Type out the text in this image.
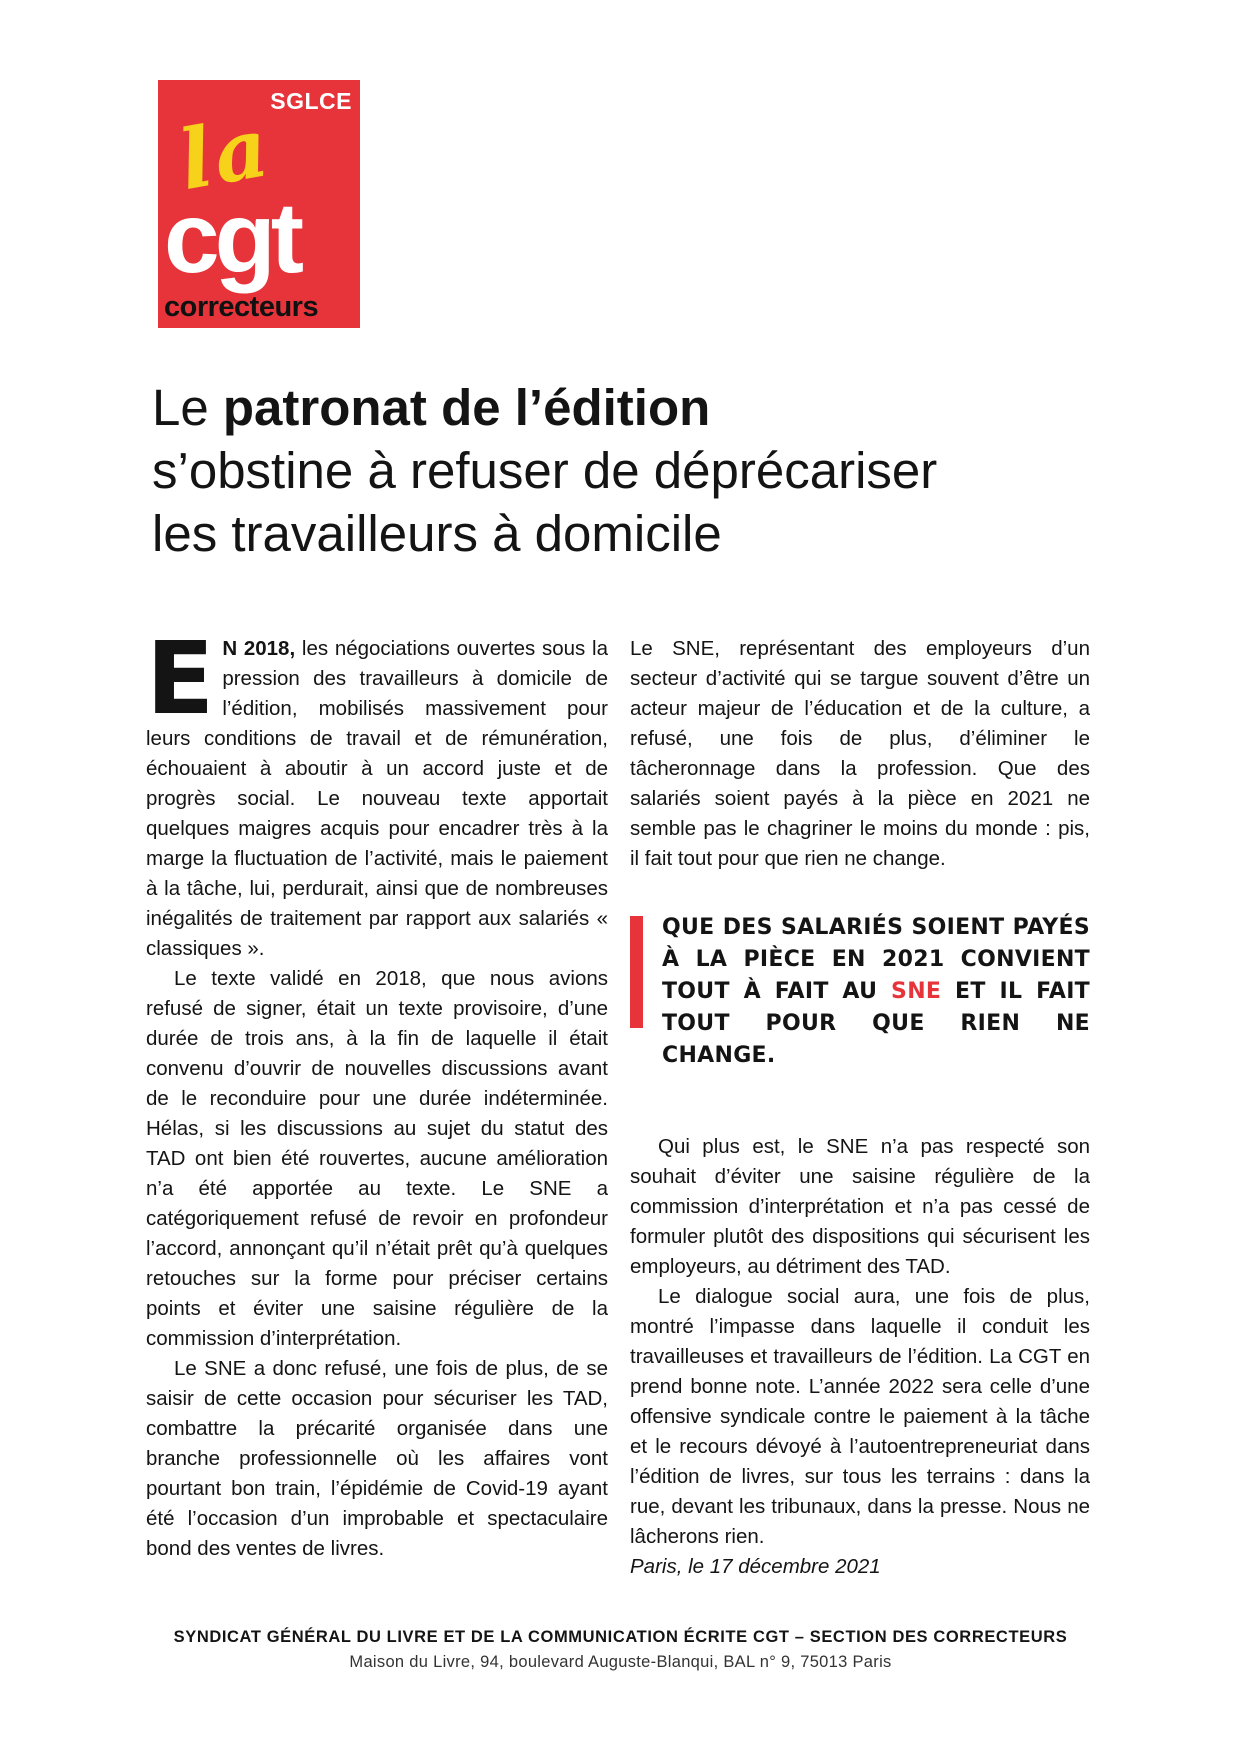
SGLCE
la
cgt
correcteurs
Le patronat de l’édition
s’obstine à refuser de déprécariser
les travailleurs à domicile

E N 2018, les négociations ouvertes sous la pression des travailleurs à domicile de l’édition, mobilisés massivement pour leurs conditions de travail et de rémunération, échouaient à aboutir à un accord juste et de progrès social. Le nouveau texte apportait quelques maigres acquis pour encadrer très à la marge la fluctuation de l’activité, mais le paiement à la tâche, lui, perdurait, ainsi que de nombreuses inégalités de traitement par rapport aux salariés « classiques ».

Le texte validé en 2018, que nous avions refusé de signer, était un texte provisoire, d’une durée de trois ans, à la fin de laquelle il était convenu d’ouvrir de nouvelles discussions avant de le reconduire pour une durée indéterminée. Hélas, si les discussions au sujet du statut des TAD ont bien été rouvertes, aucune amélioration n’a été apportée au texte. Le SNE a catégoriquement refusé de revoir en profondeur l’accord, annonçant qu’il n’était prêt qu’à quelques retouches sur la forme pour préciser certains points et éviter une saisine régulière de la commission d’interprétation.

Le SNE a donc refusé, une fois de plus, de se saisir de cette occasion pour sécuriser les TAD, combattre la précarité organisée dans une branche professionnelle où les affaires vont pourtant bon train, l’épidémie de Covid-19 ayant été l’occasion d’un improbable et spectaculaire bond des ventes de livres.

Le SNE, représentant des employeurs d’un secteur d’activité qui se targue souvent d’être un acteur majeur de l’éducation et de la culture, a refusé, une fois de plus, d’éliminer le tâcheronnage dans la profession. Que des salariés soient payés à la pièce en 2021 ne semble pas le chagriner le moins du monde : pis, il fait tout pour que rien ne change.

QUE DES SALARIÉS SOIENT PAYÉS À LA PIÈCE EN 2021 CONVIENT TOUT À FAIT AU SNE ET IL FAIT TOUT POUR QUE RIEN NE CHANGE.

Qui plus est, le SNE n’a pas respecté son souhait d’éviter une saisine régulière de la commission d’interprétation et n’a pas cessé de formuler plutôt des dispositions qui sécurisent les employeurs, au détriment des TAD.

Le dialogue social aura, une fois de plus, montré l’impasse dans laquelle il conduit les travailleuses et travailleurs de l’édition. La CGT en prend bonne note. L’année 2022 sera celle d’une offensive syndicale contre le paiement à la tâche et le recours dévoyé à l’autoentrepreneuriat dans l’édition de livres, sur tous les terrains : dans la rue, devant les tribunaux, dans la presse. Nous ne lâcherons rien.

Paris, le 17 décembre 2021

SYNDICAT GÉNÉRAL DU LIVRE ET DE LA COMMUNICATION ÉCRITE CGT – SECTION DES CORRECTEURS
Maison du Livre, 94, boulevard Auguste-Blanqui, BAL n° 9, 75013 Paris
